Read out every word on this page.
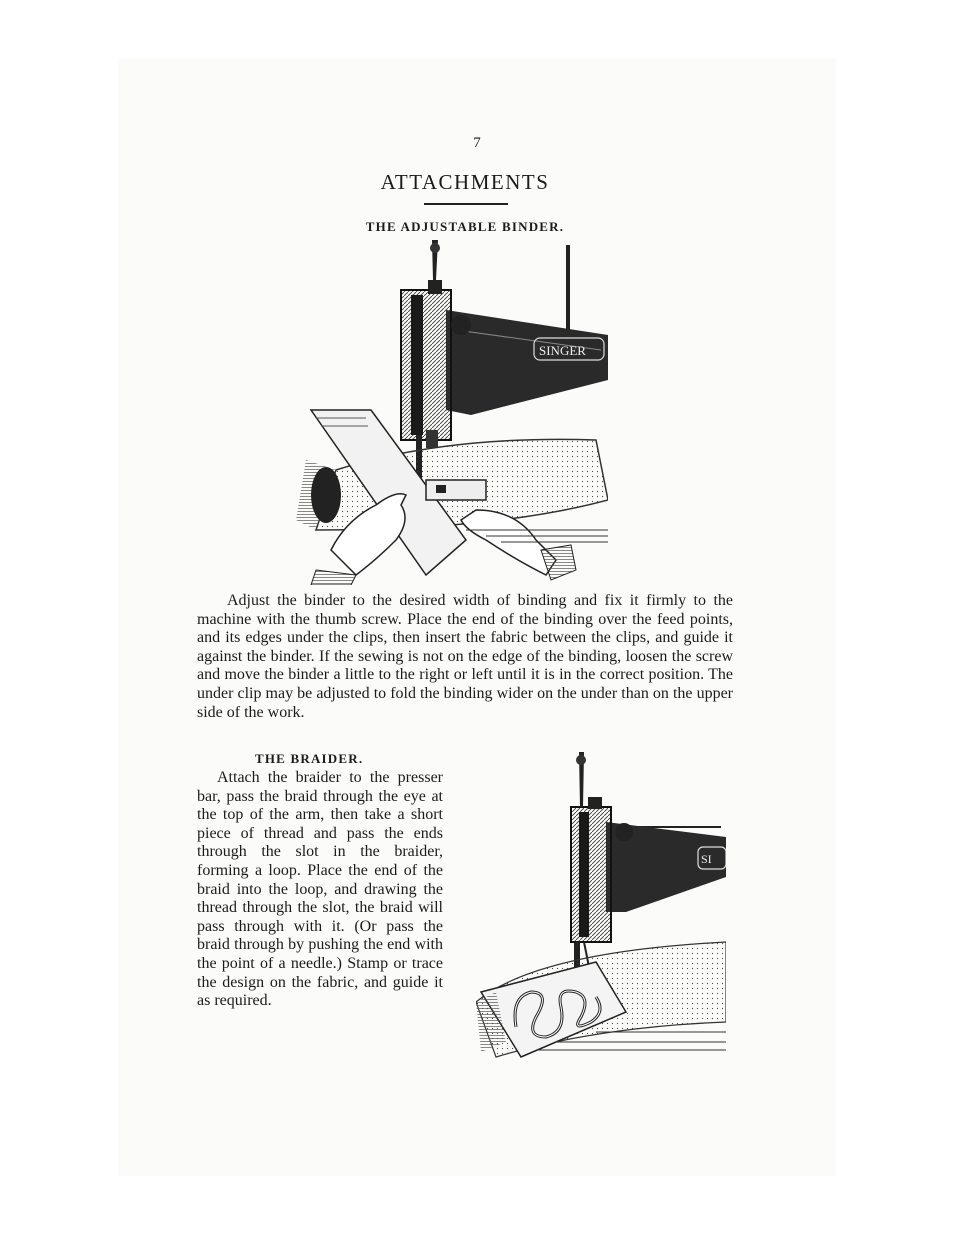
7
ATTACHMENTS
THE ADJUSTABLE BINDER.
SINGER

Adjust the binder to the desired width of binding and fix it firmly to the machine with the thumb screw. Place the end of the binding over the feed points, and its edges under the clips, then insert the fabric between the clips, and guide it against the binder. If the sewing is not on the edge of the binding, loosen the screw and move the binder a little to the right or left until it is in the correct position. The under clip may be adjusted to fold the binding wider on the under than on the upper side of the work.

THE BRAIDER.

Attach the braider to the presser bar, pass the braid through the eye at the top of the arm, then take a short piece of thread and pass the ends through the slot in the braider, forming a loop. Place the end of the braid into the loop, and drawing the thread through the slot, the braid will pass through with it. (Or pass the braid through by pushing the end with the point of a needle.) Stamp or trace the design on the fabric, and guide it as required.

SI
